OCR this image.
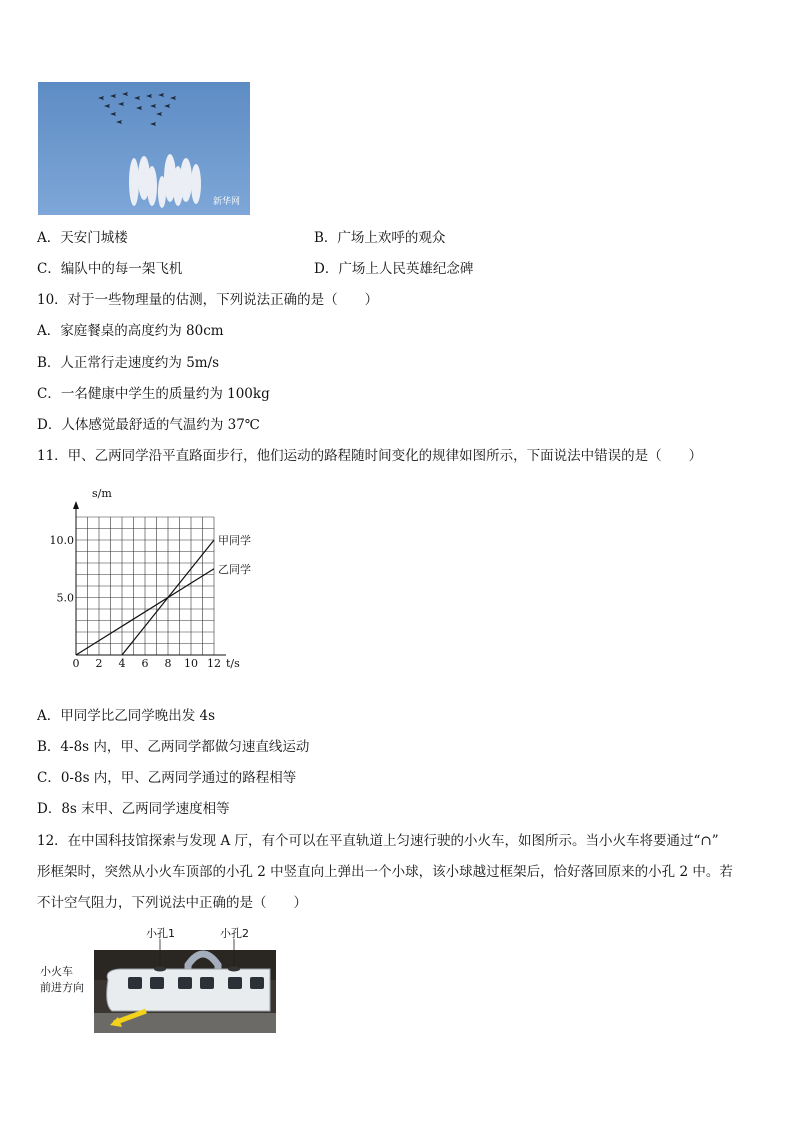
新华网
A．天安门城楼	B．广场上欢呼的观众
C．编队中的每一架飞机	D．广场上人民英雄纪念碑
10．对于一些物理量的估测，下列说法正确的是（　　）
A．家庭餐桌的高度约为 80cm
B．人正常行走速度约为 5m/s
C．一名健康中学生的质量约为 100kg
D．人体感觉最舒适的气温约为 37℃
11．甲、乙两同学沿平直路面步行，他们运动的路程随时间变化的规律如图所示，下面说法中错误的是（　　）
s/m
t/s
0 2 4 6 8 10 12
5.0
10.0	甲同学
乙同学
A．甲同学比乙同学晚出发 4s
B．4-8s 内，甲、乙两同学都做匀速直线运动
C．0-8s 内，甲、乙两同学通过的路程相等
D．8s 末甲、乙两同学速度相等
12．在中国科技馆探索与发现 A 厅，有个可以在平直轨道上匀速行驶的小火车，如图所示。当小火车将要通过“∩”
形框架时，突然从小火车顶部的小孔 2 中竖直向上弹出一个小球，该小球越过框架后，恰好落回原来的小孔 2 中。若
不计空气阻力，下列说法中正确的是（　　）
小孔1	小孔2
小火车
前进方向
